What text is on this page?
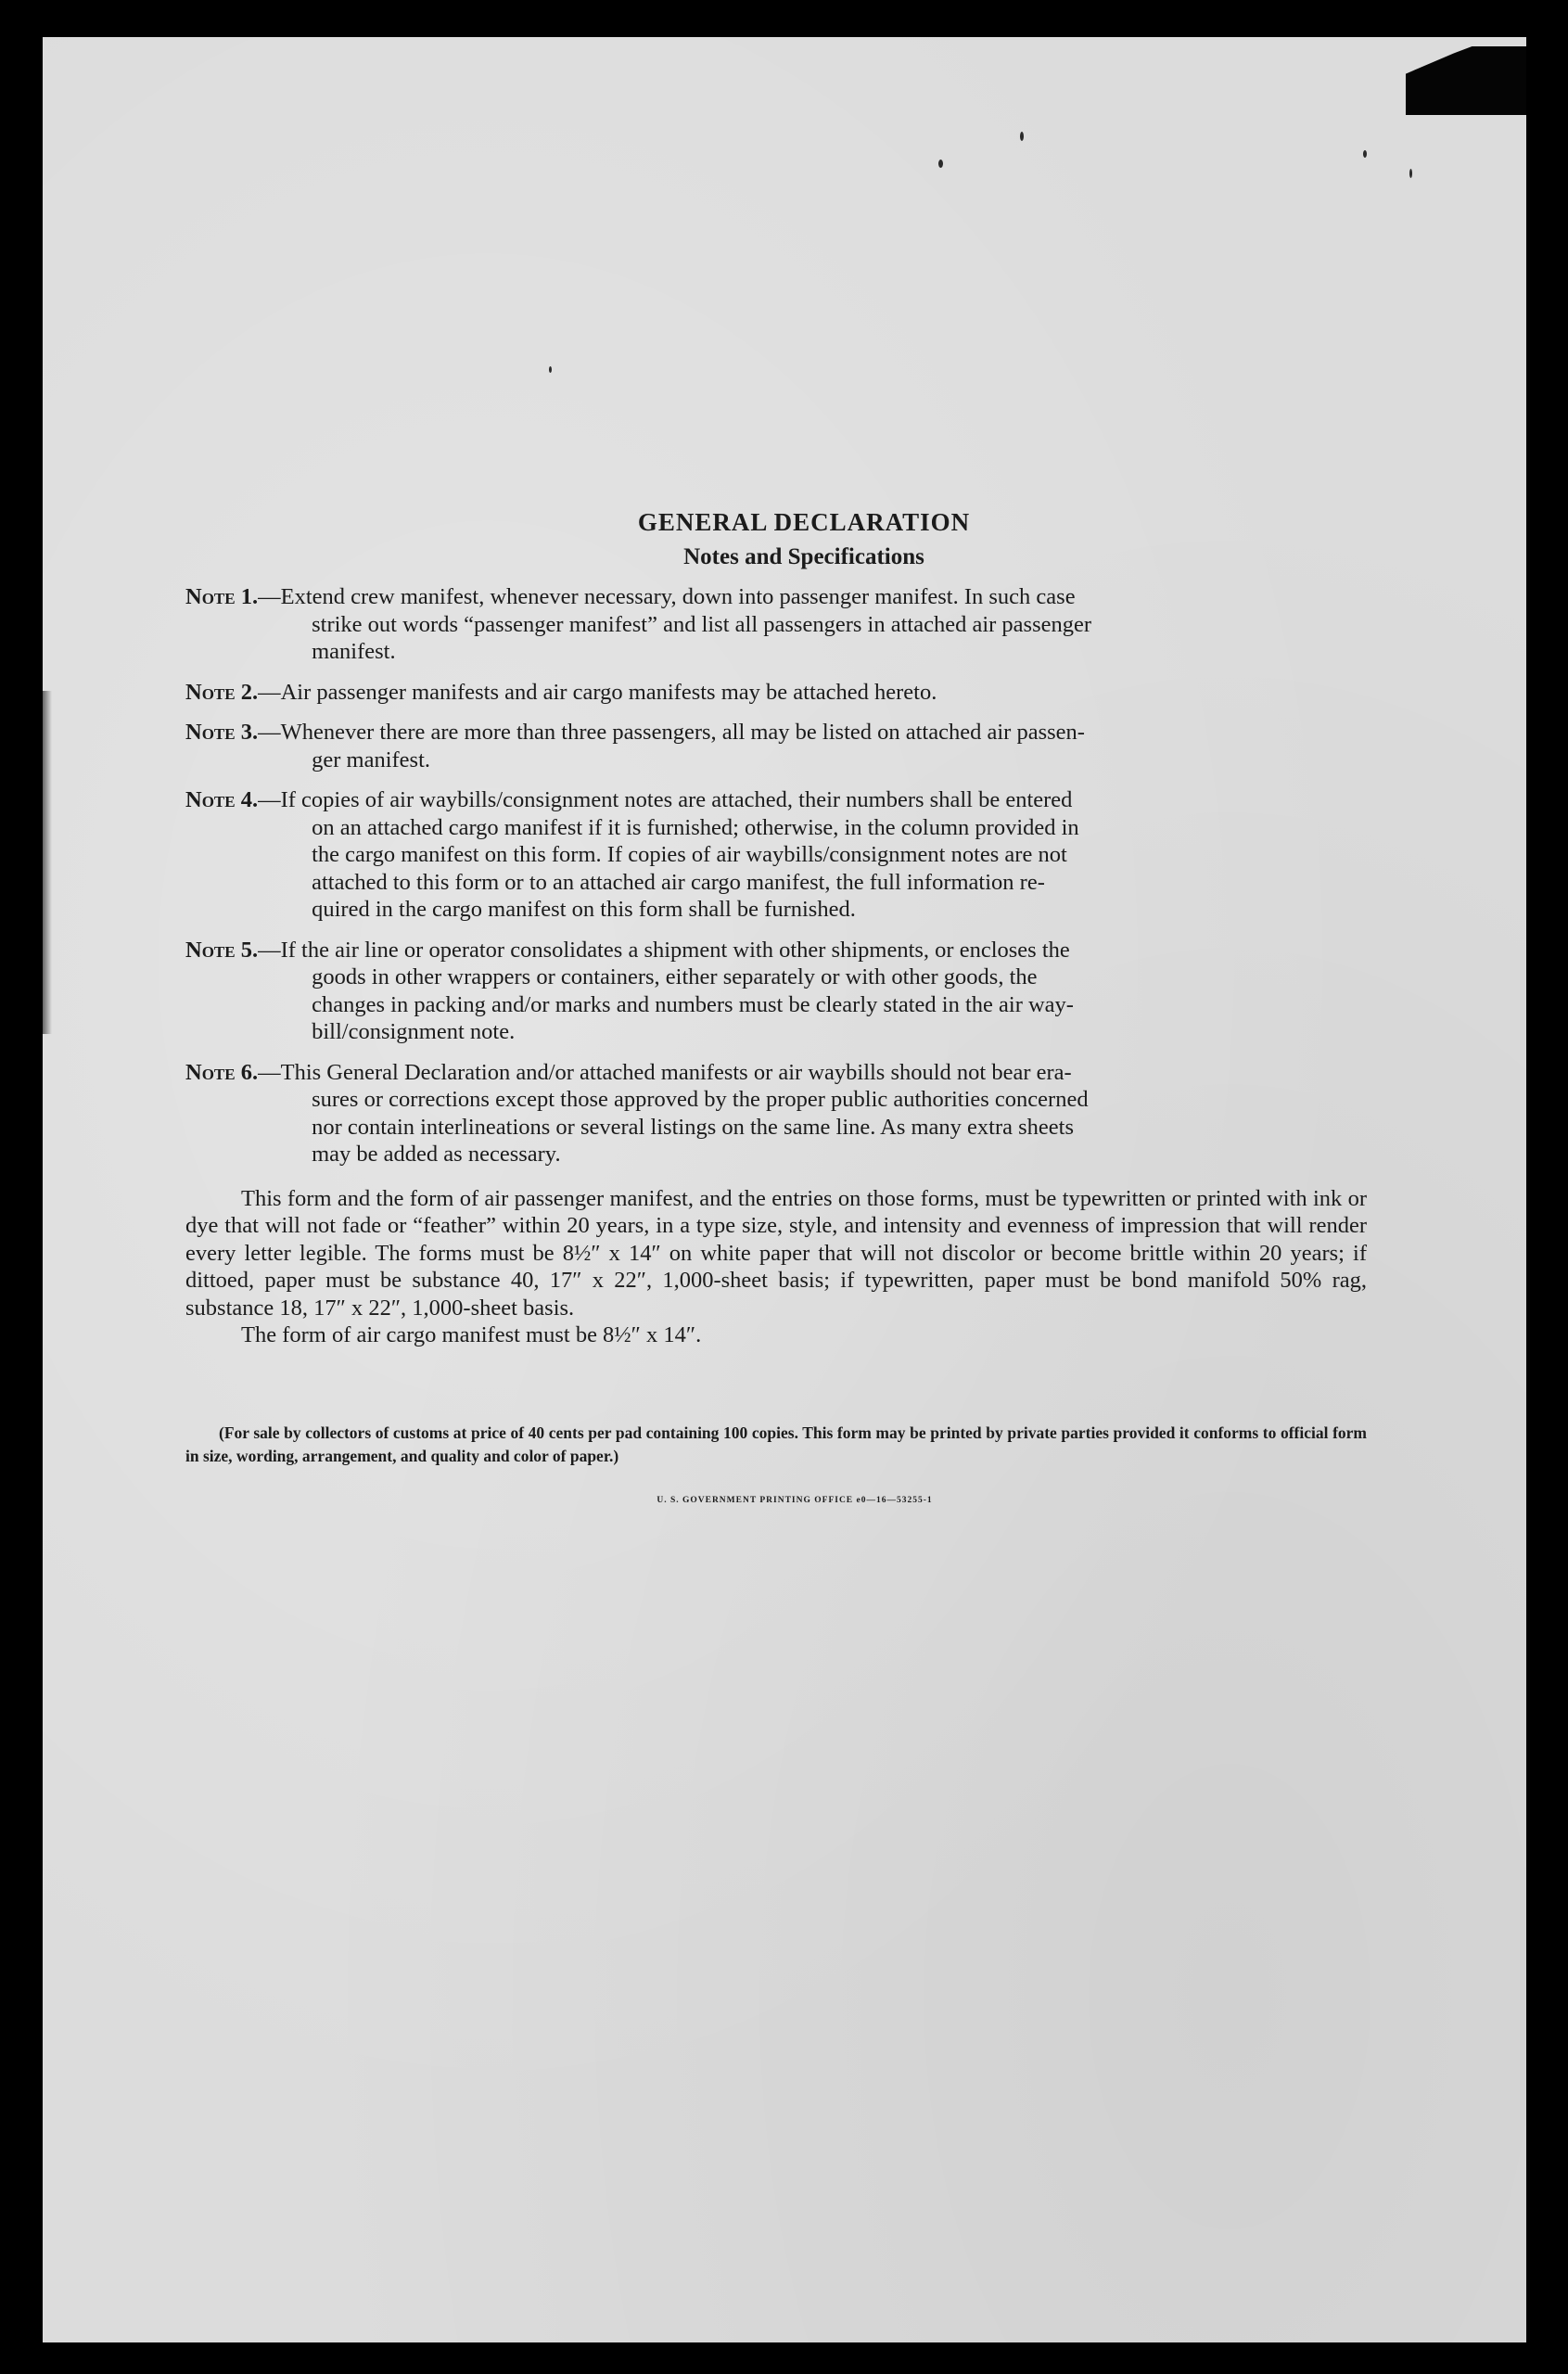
GENERAL DECLARATION
Notes and Specifications
Note 1. —Extend crew manifest, whenever necessary, down into passenger manifest. In such case
strike out words “passenger manifest” and list all passengers in attached air passenger
manifest.
Note 2. —Air passenger manifests and air cargo manifests may be attached hereto.
Note 3. —Whenever there are more than three passengers, all may be listed on attached air passen-
ger manifest.
Note 4. —If copies of air waybills/consignment notes are attached, their numbers shall be entered
on an attached cargo manifest if it is furnished; otherwise, in the column provided in
the cargo manifest on this form. If copies of air waybills/consignment notes are not
attached to this form or to an attached air cargo manifest, the full information re-
quired in the cargo manifest on this form shall be furnished.
Note 5. —If the air line or operator consolidates a shipment with other shipments, or encloses the
goods in other wrappers or containers, either separately or with other goods, the
changes in packing and/or marks and numbers must be clearly stated in the air way-
bill/consignment note.
Note 6. —This General Declaration and/or attached manifests or air waybills should not bear era-
sures or corrections except those approved by the proper public authorities concerned
nor contain interlineations or several listings on the same line. As many extra sheets
may be added as necessary.
This form and the form of air passenger manifest, and the entries on those forms, must be typewritten or printed with ink or dye that will not fade or “feather” within 20 years, in a type size, style, and intensity and evenness of impression that will render every letter legible. The forms must be 8½″ x 14″ on white paper that will not discolor or become brittle within 20 years; if dittoed, paper must be substance 40, 17″ x 22″, 1,000-sheet basis; if typewritten, paper must be bond manifold 50% rag, substance 18, 17″ x 22″, 1,000-sheet basis.
The form of air cargo manifest must be 8½″ x 14″.
(For sale by collectors of customs at price of 40 cents per pad containing 100 copies. This form may be printed by private parties provided it conforms to official form in size, wording, arrangement, and quality and color of paper.)
U. S. GOVERNMENT PRINTING OFFICE e0—16—53255-1
